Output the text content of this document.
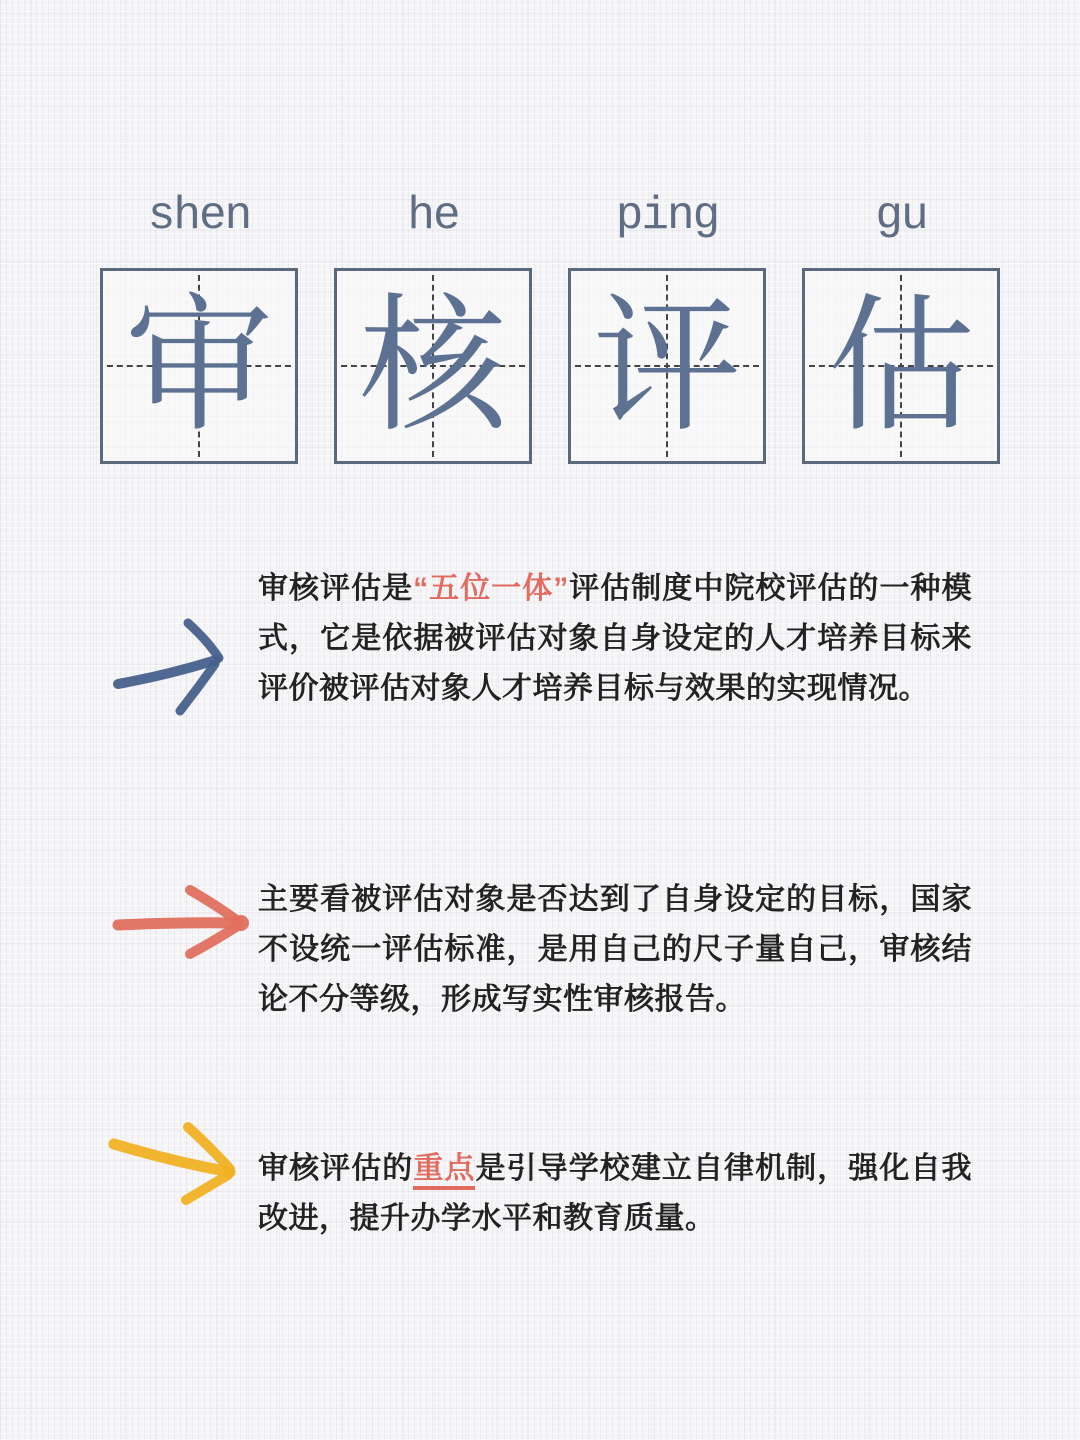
shen	he	ping	gu
审 核 评 估
审核评估是“五位一体”评估制度中院校评估的一种模式，它是依据被评估对象自身设定的人才培养目标来评价被评估对象人才培养目标与效果的实现情况。
主要看被评估对象是否达到了自身设定的目标，国家不设统一评估标准，是用自己的尺子量自己，审核结论不分等级，形成写实性审核报告。
审核评估的重点是引导学校建立自律机制，强化自我改进，提升办学水平和教育质量。
